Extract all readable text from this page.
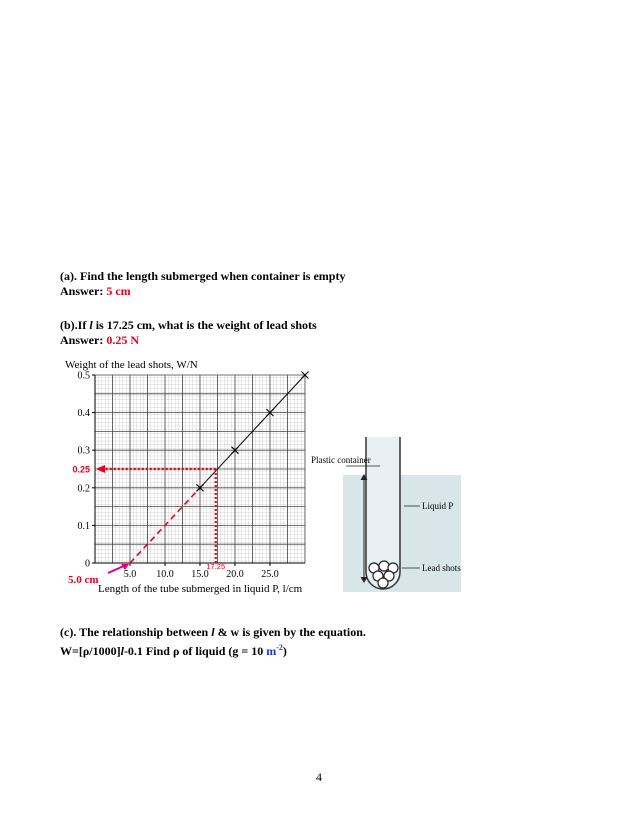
(a). Find the length submerged when container is empty
Answer: 5 cm

(b).If l is 17.25 cm, what is the weight of lead shots
Answer: 0.25 N

Weight of the lead shots, W/N
0
0.1
0.2
0.3
0.4
0.5
5.0 10.0 15.0 20.0 25.0
0.25
17.25
5.0 cm
Length of the tube submerged in liquid P, l/cm
Plastic container
Liquid P
Lead shots

(c). The relationship between l & w is given by the equation.
W=[ρ/1000]l-0.1 Find ρ of liquid (g = 10 $m^{-2}$)

4
